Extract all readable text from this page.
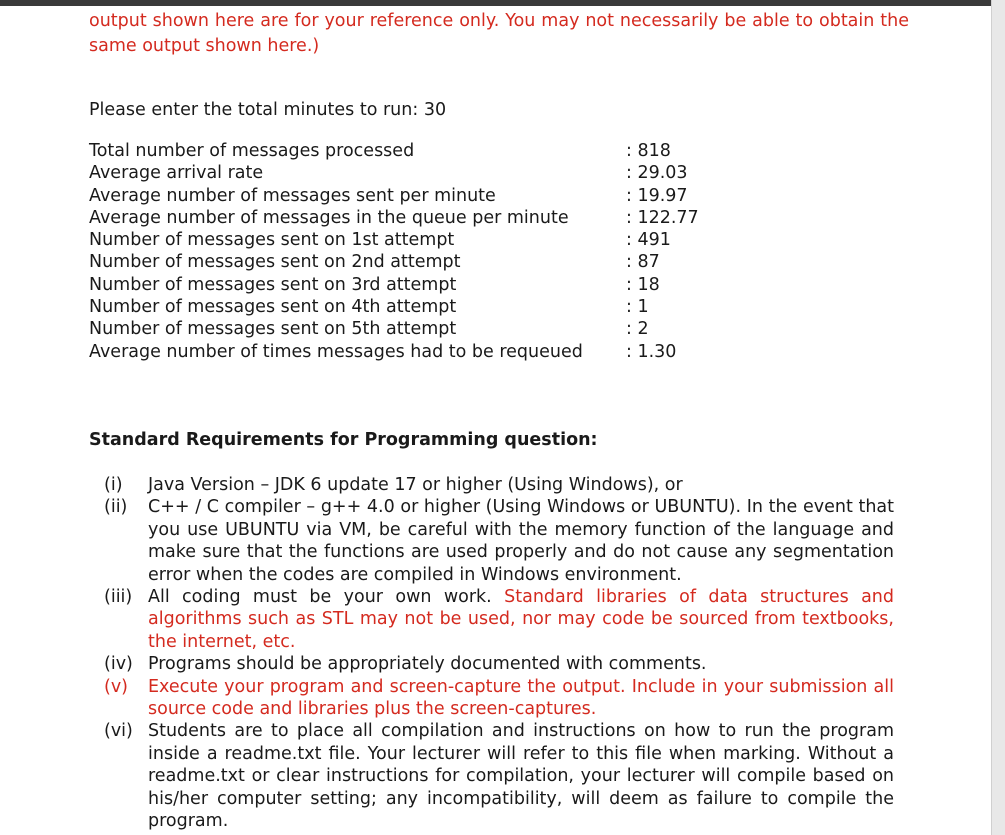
output shown here are for your reference only. You may not necessarily be able to obtain the same output shown here.)
Please enter the total minutes to run: 30
Total number of messages processed	: 818
Average arrival rate	: 29.03
Average number of messages sent per minute	: 19.97
Average number of messages in the queue per minute	: 122.77
Number of messages sent on 1st attempt	: 491
Number of messages sent on 2nd attempt	: 87
Number of messages sent on 3rd attempt	: 18
Number of messages sent on 4th attempt	: 1
Number of messages sent on 5th attempt	: 2
Average number of times messages had to be requeued	: 1.30
Standard Requirements for Programming question:
(i)	Java Version – JDK 6 update 17 or higher (Using Windows), or
(ii)	C++ / C compiler – g++ 4.0 or higher (Using Windows or UBUNTU). In the event that you use UBUNTU via VM, be careful with the memory function of the language and make sure that the functions are used properly and do not cause any segmentation error when the codes are compiled in Windows environment.
(iii) All coding must be your own work. Standard libraries of data structures and algorithms such as STL may not be used, nor may code be sourced from textbooks, the internet, etc.
(iv) Programs should be appropriately documented with comments.
(v)	Execute your program and screen-capture the output. Include in your submission all source code and libraries plus the screen-captures.
(vi) Students are to place all compilation and instructions on how to run the program inside a readme.txt file. Your lecturer will refer to this file when marking. Without a readme.txt or clear instructions for compilation, your lecturer will compile based on his/her computer setting; any incompatibility, will deem as failure to compile the program.
